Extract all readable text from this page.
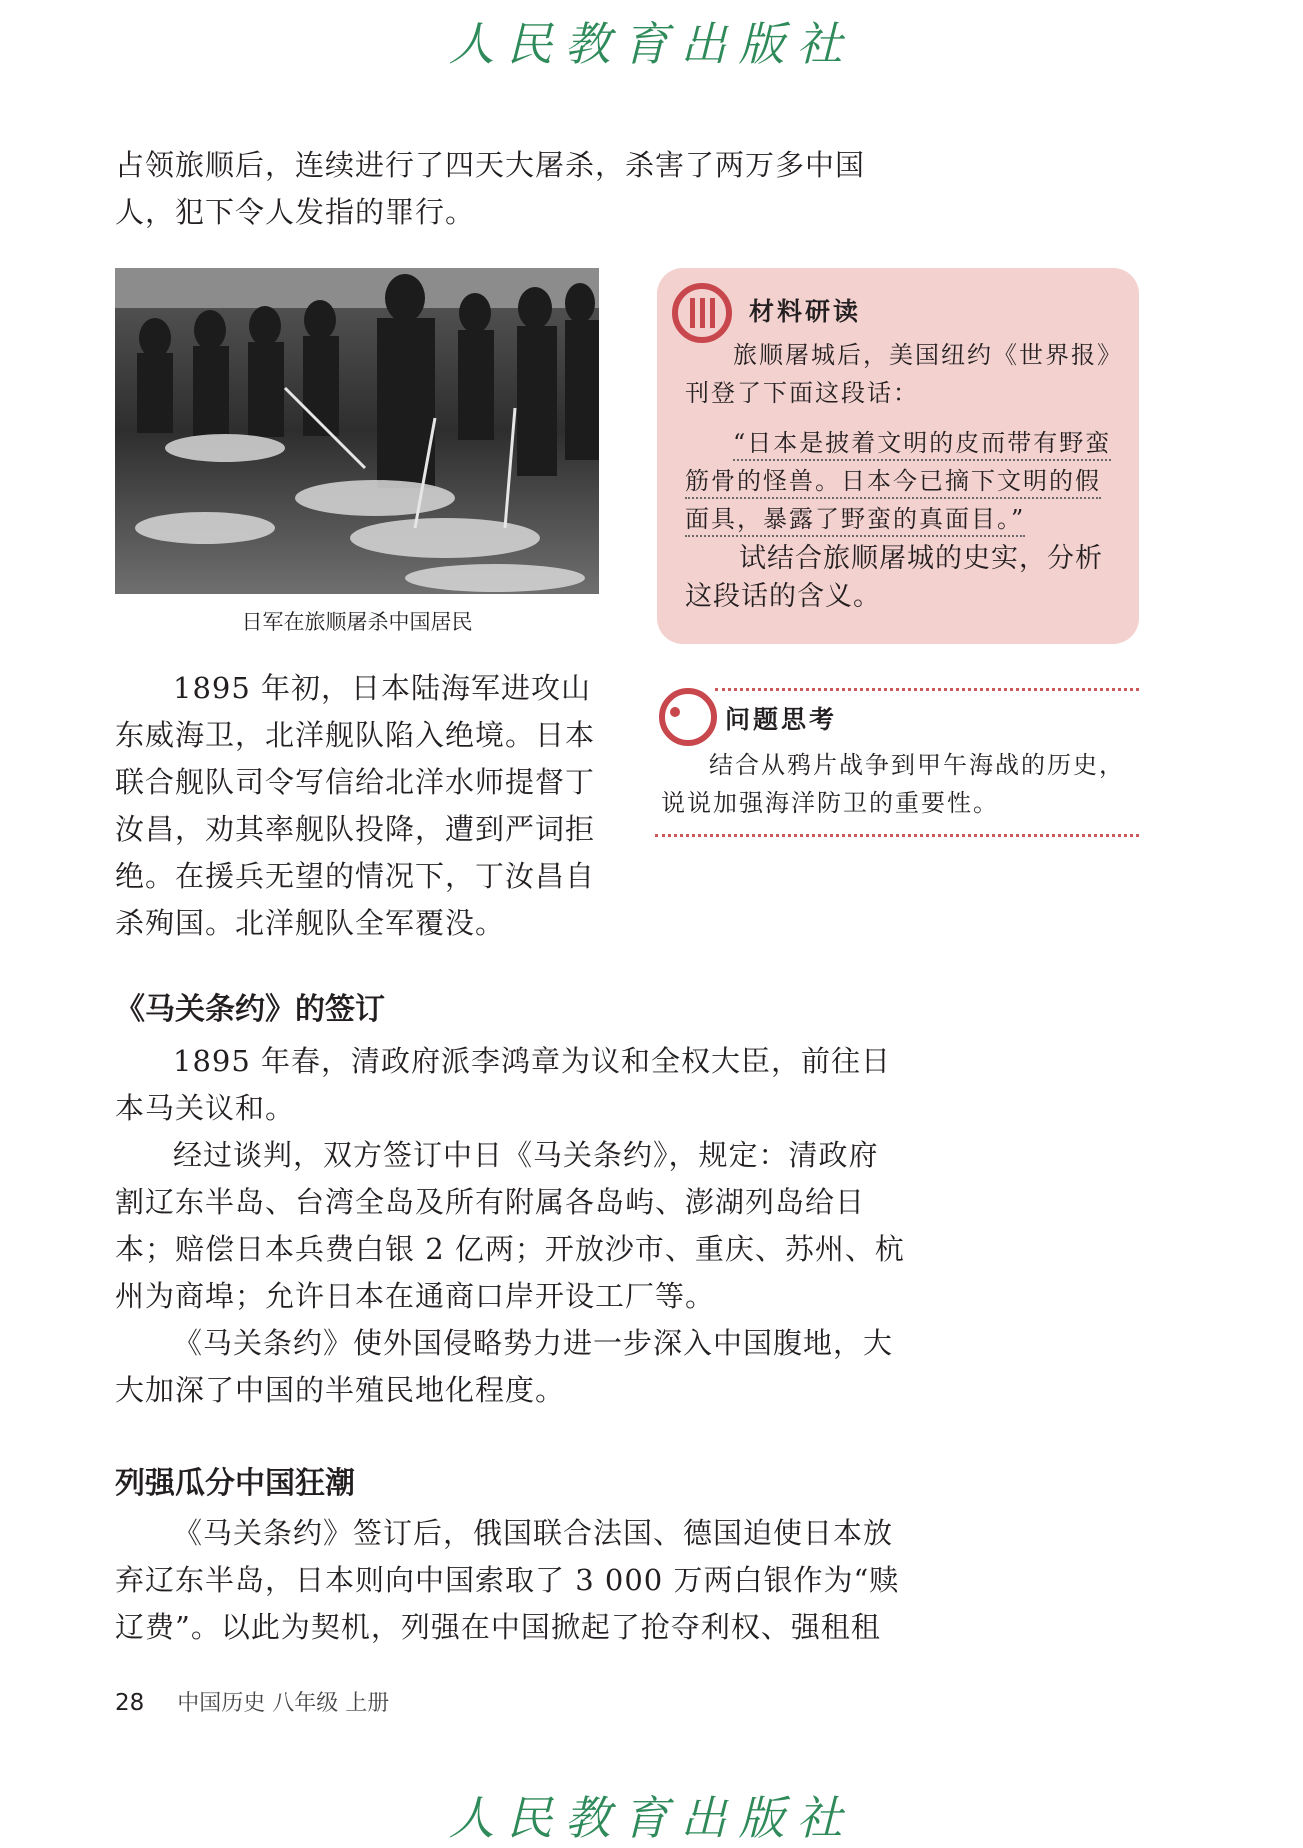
人民教育出版社

占领旅顺后，连续进行了四天大屠杀，杀害了两万多中国人，犯下令人发指的罪行。

日军在旅顺屠杀中国居民
材料研读

旅顺屠城后，美国纽约《世界报》刊登了下面这段话：

“日本是披着文明的皮而带有野蛮筋骨的怪兽。日本今已摘下文明的假面具，暴露了野蛮的真面目。”

试结合旅顺屠城的史实，分析这段话的含义。

问题思考

结合从鸦片战争到甲午海战的历史，说说加强海洋防卫的重要性。

1895 年初，日本陆海军进攻山东威海卫，北洋舰队陷入绝境。日本联合舰队司令写信给北洋水师提督丁汝昌，劝其率舰队投降，遭到严词拒绝。在援兵无望的情况下，丁汝昌自杀殉国。北洋舰队全军覆没。

《马关条约》的签订

1895 年春，清政府派李鸿章为议和全权大臣，前往日本马关议和。

经过谈判，双方签订中日《马关条约》，规定：清政府割辽东半岛、台湾全岛及所有附属各岛屿、澎湖列岛给日本；赔偿日本兵费白银 2 亿两；开放沙市、重庆、苏州、杭州为商埠；允许日本在通商口岸开设工厂等。

《马关条约》使外国侵略势力进一步深入中国腹地，大大加深了中国的半殖民地化程度。

列强瓜分中国狂潮

《马关条约》签订后，俄国联合法国、德国迫使日本放弃辽东半岛，日本则向中国索取了 3 000 万两白银作为“赎辽费”。以此为契机，列强在中国掀起了抢夺利权、强租租

28 中国历史 八年级 上册
人民教育出版社
